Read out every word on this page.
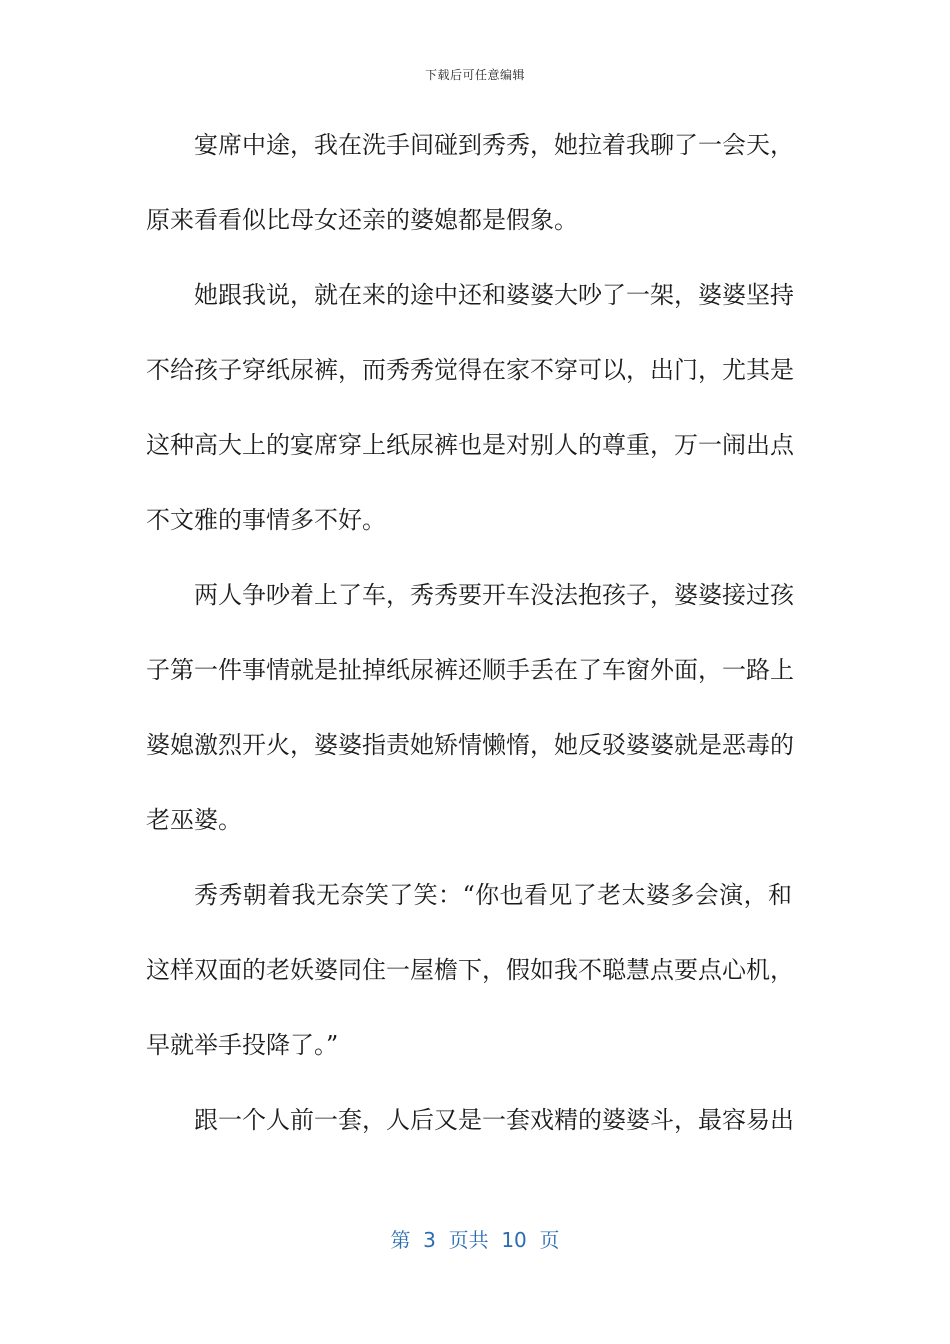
下载后可任意编辑
宴席中途，我在洗手间碰到秀秀，她拉着我聊了一会天，
原来看看似比母女还亲的婆媳都是假象。
她跟我说，就在来的途中还和婆婆大吵了一架，婆婆坚持
不给孩子穿纸尿裤，而秀秀觉得在家不穿可以，出门，尤其是
这种高大上的宴席穿上纸尿裤也是对别人的尊重，万一闹出点
不文雅的事情多不好。
两人争吵着上了车，秀秀要开车没法抱孩子，婆婆接过孩
子第一件事情就是扯掉纸尿裤还顺手丢在了车窗外面，一路上
婆媳激烈开火，婆婆指责她矫情懒惰，她反驳婆婆就是恶毒的
老巫婆。
秀秀朝着我无奈笑了笑：“你也看见了老太婆多会演，和
这样双面的老妖婆同住一屋檐下，假如我不聪慧点要点心机，
早就举手投降了。”
跟一个人前一套，人后又是一套戏精的婆婆斗，最容易出
第  3  页共  10  页
